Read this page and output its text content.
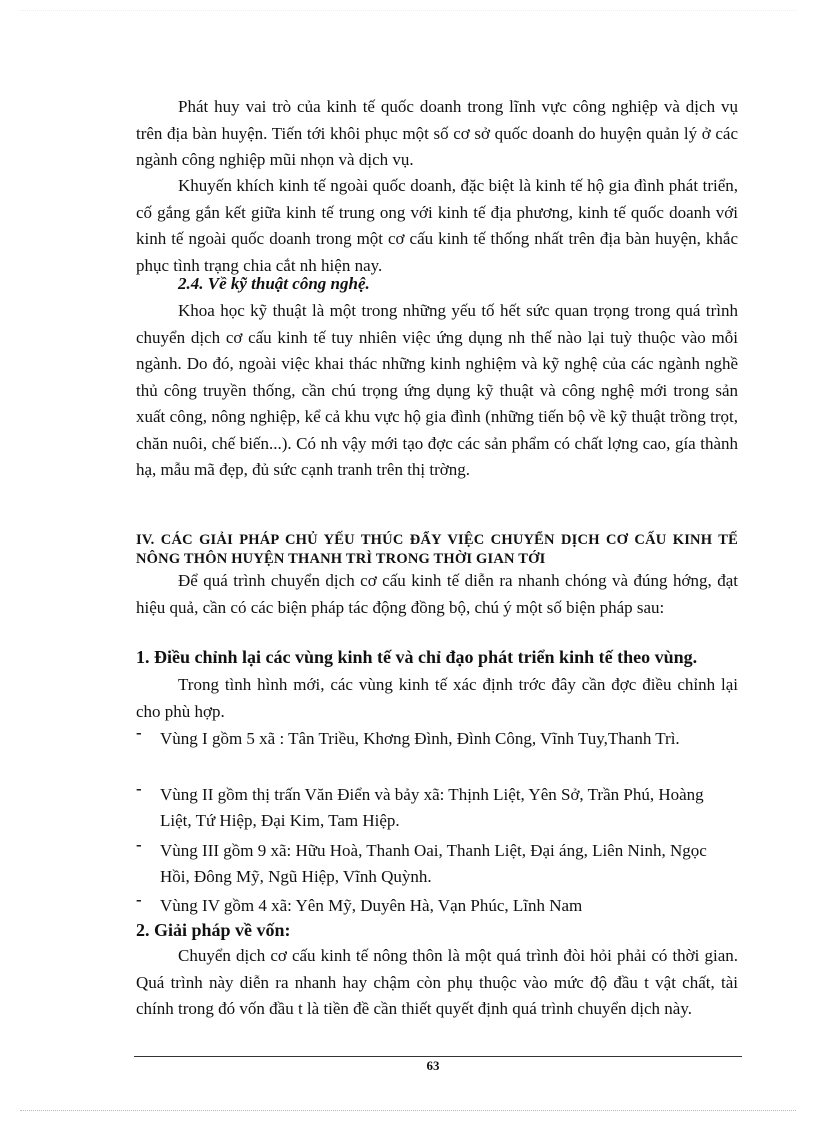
Phát huy vai trò của kinh tế quốc doanh trong lĩnh vực công nghiệp và dịch vụ trên địa bàn huyện. Tiến tới khôi phục một số cơ sở quốc doanh do huyện quản lý ở các ngành công nghiệp mũi nhọn và dịch vụ.

Khuyến khích kinh tế ngoài quốc doanh, đặc biệt là kinh tế hộ gia đình phát triển, cố gắng gắn kết giữa kinh tế trung ong với kinh tế địa phương, kinh tế quốc doanh với kinh tế ngoài quốc doanh trong một cơ cấu kinh tế thống nhất trên địa bàn huyện, khắc phục tình trạng chia cắt nh hiện nay.

2.4. Về kỹ thuật công nghệ.

Khoa học kỹ thuật là một trong những yếu tố hết sức quan trọng trong quá trình chuyển dịch cơ cấu kinh tế tuy nhiên việc ứng dụng nh thế nào lại tuỳ thuộc vào mỗi ngành. Do đó, ngoài việc khai thác những kinh nghiệm và kỹ nghệ của các ngành nghề thủ công truyền thống, cần chú trọng ứng dụng kỹ thuật và công nghệ mới trong sản xuất công, nông nghiệp, kể cả khu vực hộ gia đình (những tiến bộ về kỹ thuật trồng trọt, chăn nuôi, chế biến...). Có nh vậy mới tạo đợc các sản phẩm có chất lợng cao, gía thành hạ, mẫu mã đẹp, đủ sức cạnh tranh trên thị trờng.

IV. CÁC GIẢI PHÁP CHỦ YẾU THÚC ĐẨY VIỆC CHUYỂN DỊCH CƠ CẤU KINH TẾ NÔNG THÔN HUYỆN THANH TRÌ TRONG THỜI GIAN TỚI

Để quá trình chuyển dịch cơ cấu kinh tế diễn ra nhanh chóng và đúng hớng, đạt hiệu quả, cần có các biện pháp tác động đồng bộ, chú ý một số biện pháp sau:

1. Điều chỉnh lại các vùng kinh tế và chỉ đạo phát triển kinh tế theo vùng.

Trong tình hình mới, các vùng kinh tế xác định trớc đây cần đợc điều chỉnh lại cho phù hợp.

- Vùng I gồm 5 xã : Tân Triều, Khơng Đình, Đình Công, Vĩnh Tuy,Thanh Trì.
- Vùng II gồm thị trấn Văn Điển và bảy xã: Thịnh Liệt, Yên Sở, Trần Phú, Hoàng Liệt, Tứ Hiệp, Đại Kim, Tam Hiệp.
- Vùng III gồm 9 xã: Hữu Hoà, Thanh Oai, Thanh Liệt, Đại áng, Liên Ninh, Ngọc Hồi, Đông Mỹ, Ngũ Hiệp, Vĩnh Quỳnh.
- Vùng IV gồm 4 xã: Yên Mỹ, Duyên Hà, Vạn Phúc, Lĩnh Nam

2. Giải pháp về vốn:

Chuyển dịch cơ cấu kinh tế nông thôn là một quá trình đòi hỏi phải có thời gian. Quá trình này diễn ra nhanh hay chậm còn phụ thuộc vào mức độ đầu t vật chất, tài chính trong đó vốn đầu t là tiền đề cần thiết quyết định quá trình chuyển dịch này.

63
